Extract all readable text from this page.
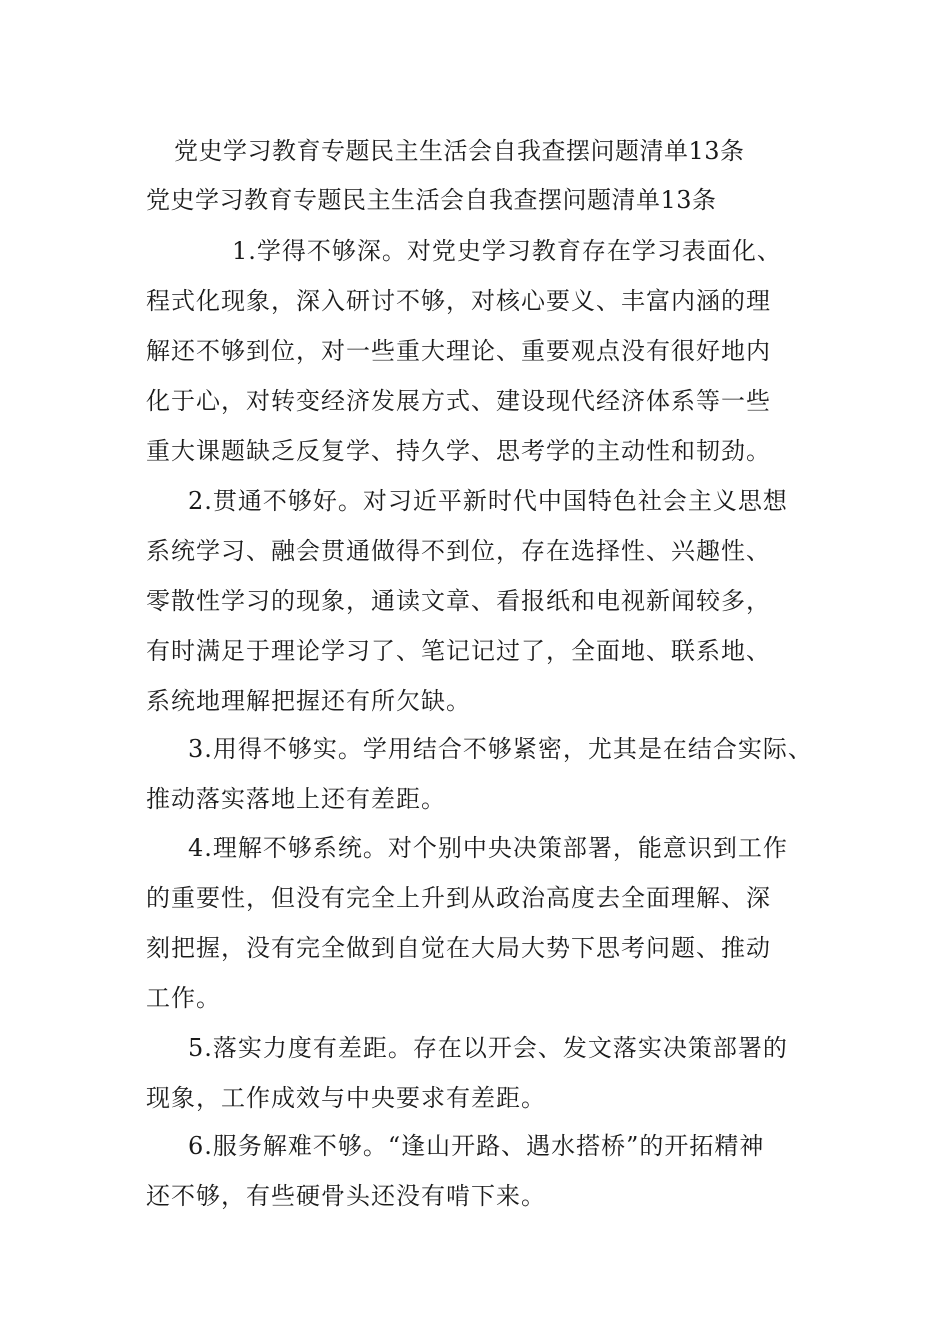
党史学习教育专题民主生活会自我查摆问题清单13条
党史学习教育专题民主生活会自我查摆问题清单13条
1.学得不够深。对党史学习教育存在学习表面化、
程式化现象，深入研讨不够，对核心要义、丰富内涵的理
解还不够到位，对一些重大理论、重要观点没有很好地内
化于心，对转变经济发展方式、建设现代经济体系等一些
重大课题缺乏反复学、持久学、思考学的主动性和韧劲。
2.贯通不够好。对习近平新时代中国特色社会主义思想
系统学习、融会贯通做得不到位，存在选择性、兴趣性、
零散性学习的现象，通读文章、看报纸和电视新闻较多，
有时满足于理论学习了、笔记记过了，全面地、联系地、
系统地理解把握还有所欠缺。
3.用得不够实。学用结合不够紧密，尤其是在结合实际、
推动落实落地上还有差距。
4.理解不够系统。对个别中央决策部署，能意识到工作
的重要性，但没有完全上升到从政治高度去全面理解、深
刻把握，没有完全做到自觉在大局大势下思考问题、推动
工作。
5.落实力度有差距。存在以开会、发文落实决策部署的
现象，工作成效与中央要求有差距。
6.服务解难不够。“逢山开路、遇水搭桥”的开拓精神
还不够，有些硬骨头还没有啃下来。
